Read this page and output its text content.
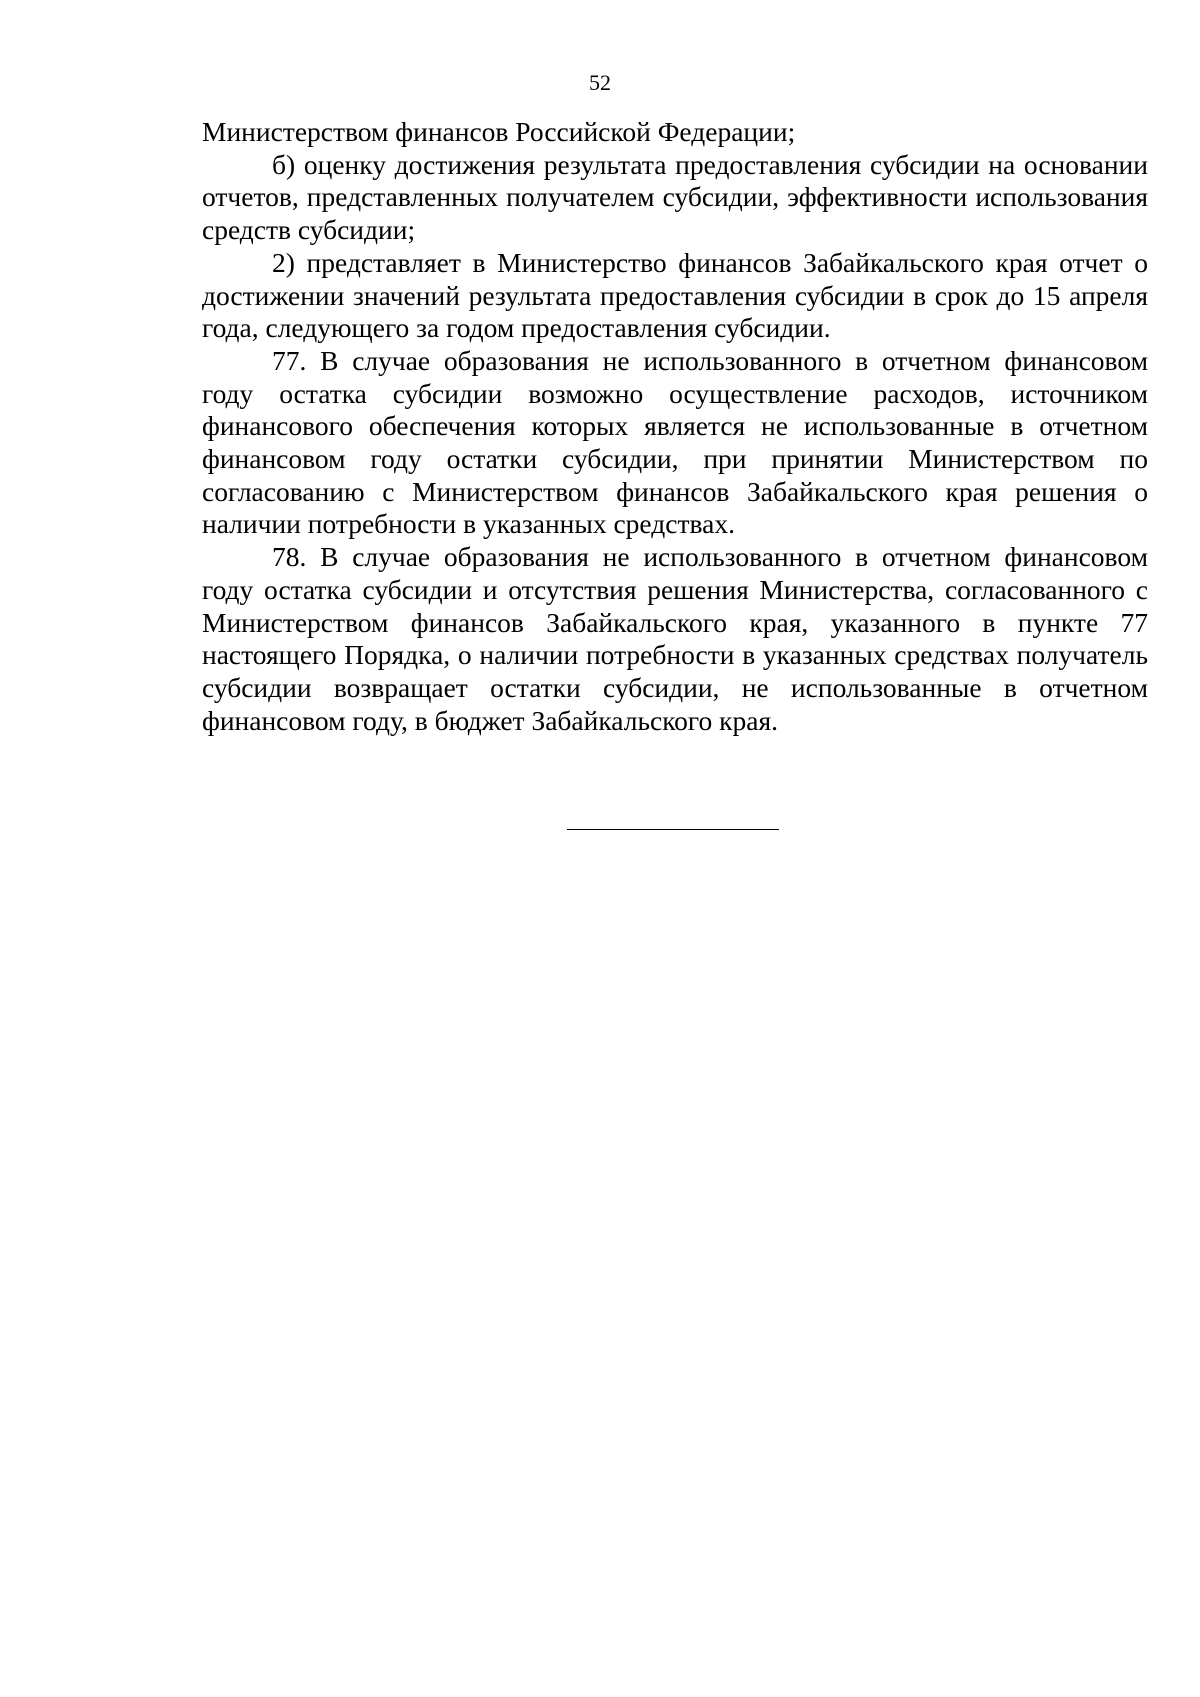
52

Министерством финансов Российской Федерации;

б) оценку достижения результата предоставления субсидии на основании отчетов, представленных получателем субсидии, эффективности использования средств субсидии;

2) представляет в Министерство финансов Забайкальского края отчет о достижении значений результата предоставления субсидии в срок до 15 апреля года, следующего за годом предоставления субсидии.

77. В случае образования не использованного в отчетном финансовом году остатка субсидии возможно осуществление расходов, источником финансового обеспечения которых является не использованные в отчетном финансовом году остатки субсидии, при принятии Министерством по согласованию с Министерством финансов Забайкальского края решения о наличии потребности в указанных средствах.

78. В случае образования не использованного в отчетном финансовом году остатка субсидии и отсутствия решения Министерства, согласованного с Министерством финансов Забайкальского края, указанного в пункте 77 настоящего Порядка, о наличии потребности в указанных средствах получатель субсидии возвращает остатки субсидии, не использованные в отчетном финансовом году, в бюджет Забайкальского края.
